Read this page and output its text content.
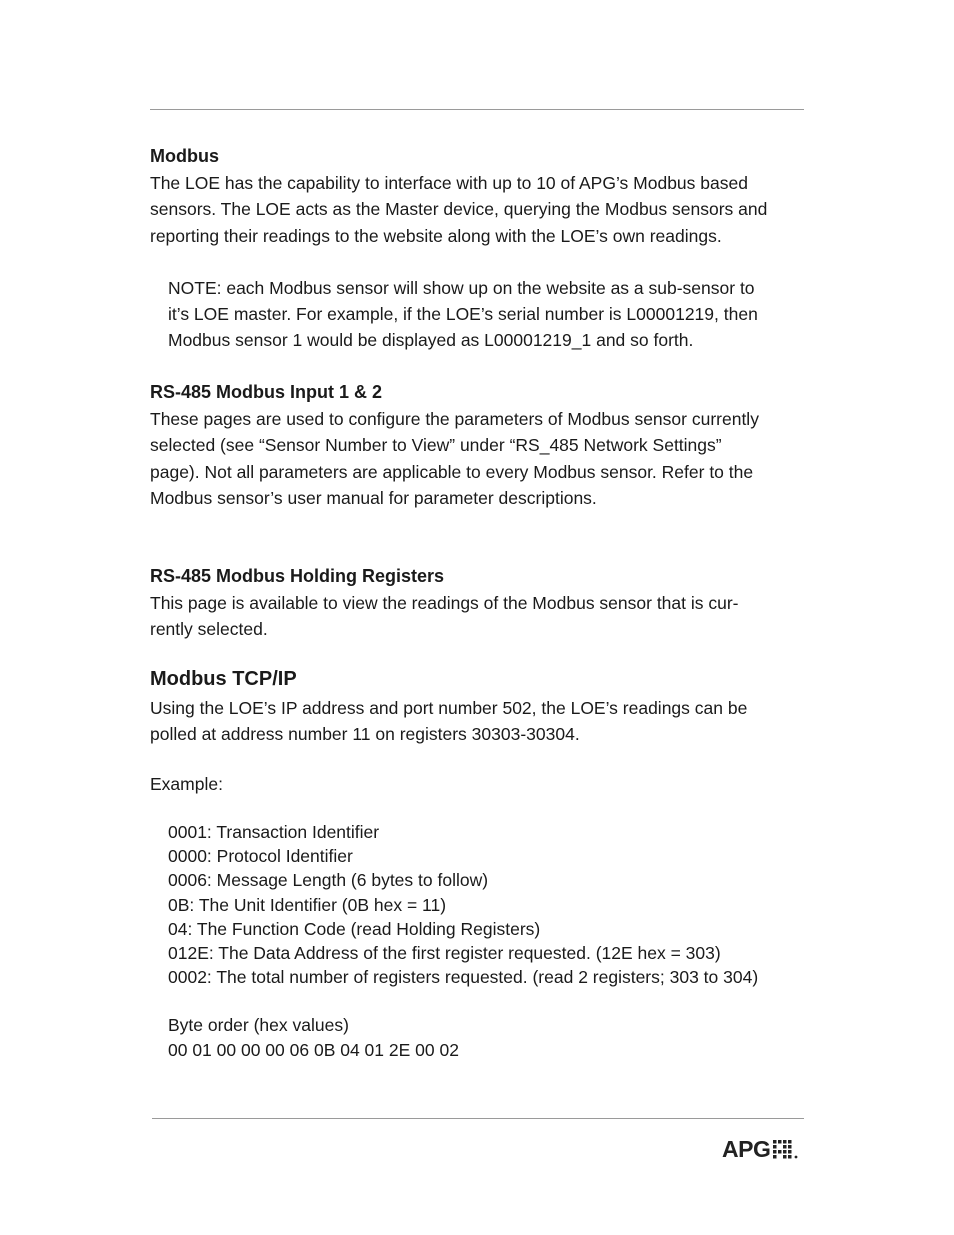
Modbus

The LOE has the capability to interface with up to 10 of APG’s Modbus based
sensors. The LOE acts as the Master device, querying the Modbus sensors and
reporting their readings to the website along with the LOE’s own readings.

NOTE: each Modbus sensor will show up on the website as a sub-sensor to
it’s LOE master. For example, if the LOE’s serial number is L00001219, then
Modbus sensor 1 would be displayed as L00001219_1 and so forth.

RS-485 Modbus Input 1 & 2

These pages are used to configure the parameters of Modbus sensor currently
selected (see “Sensor Number to View” under “RS_485 Network Settings”
page). Not all parameters are applicable to every Modbus sensor. Refer to the
Modbus sensor’s user manual for parameter descriptions.

RS-485 Modbus Holding Registers

This page is available to view the readings of the Modbus sensor that is cur-
rently selected.

Modbus TCP/IP

Using the LOE’s IP address and port number 502, the LOE’s readings can be
polled at address number 11 on registers 30303-30304.

Example:

0001: Transaction Identifier
0000: Protocol Identifier
0006: Message Length (6 bytes to follow)
0B: The Unit Identifier (0B hex = 11)
04: The Function Code (read Holding Registers)
012E: The Data Address of the first register requested. (12E hex = 303)
0002: The total number of registers requested. (read 2 registers; 303 to 304)

Byte order (hex values)

00 01 00 00 00 06 0B 04 01 2E 00 02

APG
